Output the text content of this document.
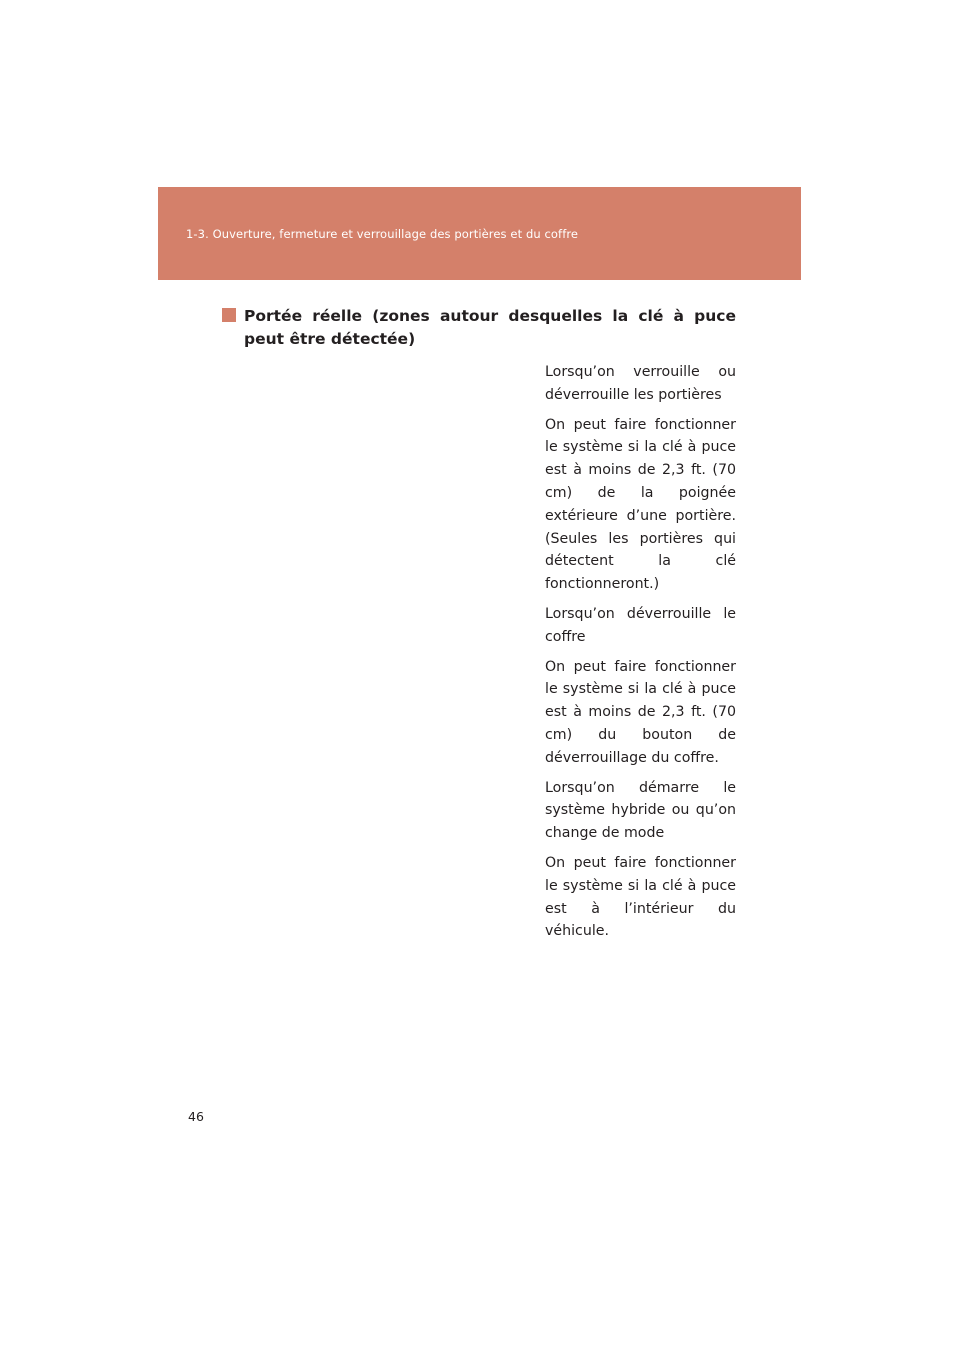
1-3. Ouverture, fermeture et verrouillage des portières et du coffre
Portée réelle (zones autour desquelles la clé à puce peut être détectée)

Lorsqu’on verrouille ou déverrouille les portières

On peut faire fonctionner le système si la clé à puce est à moins de 2,3 ft. (70 cm) de la poignée extérieure d’une portière. (Seules les portières qui détectent la clé fonctionneront.)

Lorsqu’on déverrouille le coffre

On peut faire fonctionner le système si la clé à puce est à moins de 2,3 ft. (70 cm) du bouton de déverrouillage du coffre.

Lorsqu’on démarre le système hybride ou qu’on change de mode

On peut faire fonctionner le système si la clé à puce est à l’intérieur du véhicule.

46
